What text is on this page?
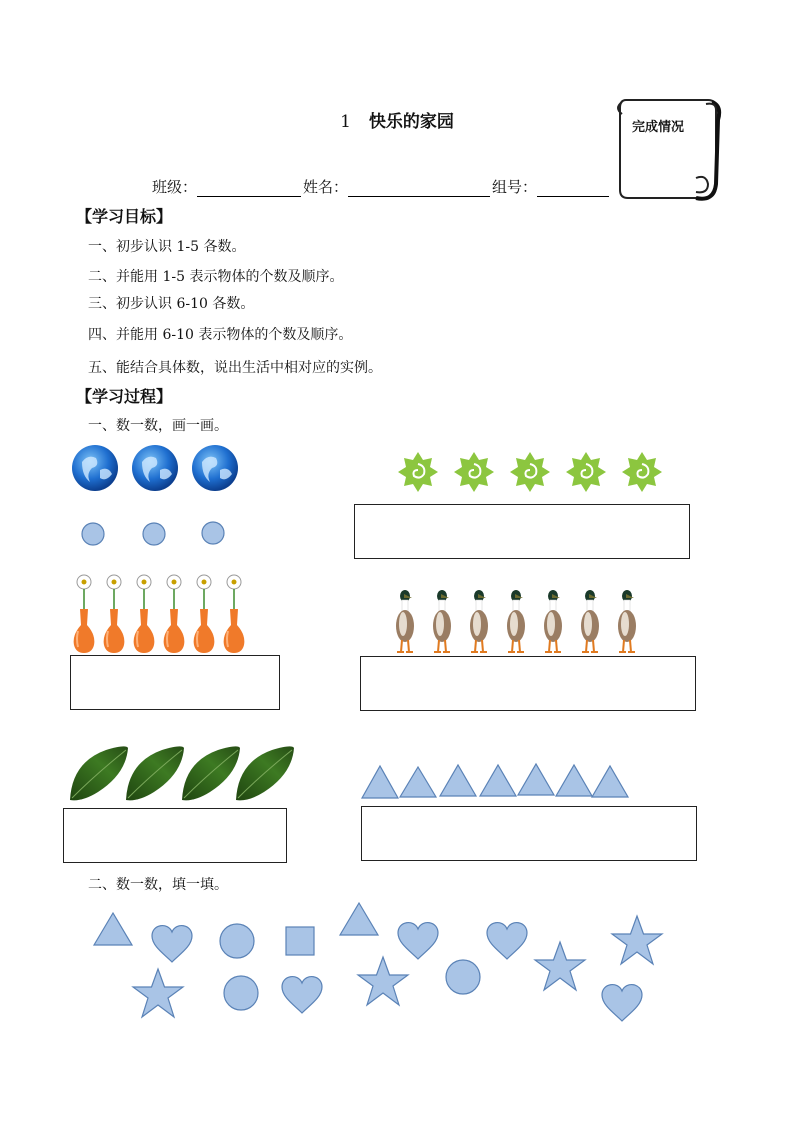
1 快乐的家园	完成情况
班级：	姓名：	组号：
【学习目标】
一、初步认识 1-5 各数。
二、并能用 1-5 表示物体的个数及顺序。
三、初步认识 6-10 各数。
四、并能用 6-10 表示物体的个数及顺序。
五、能结合具体数，说出生活中相对应的实例。
【学习过程】
一、数一数，画一画。
二、数一数，填一填。
